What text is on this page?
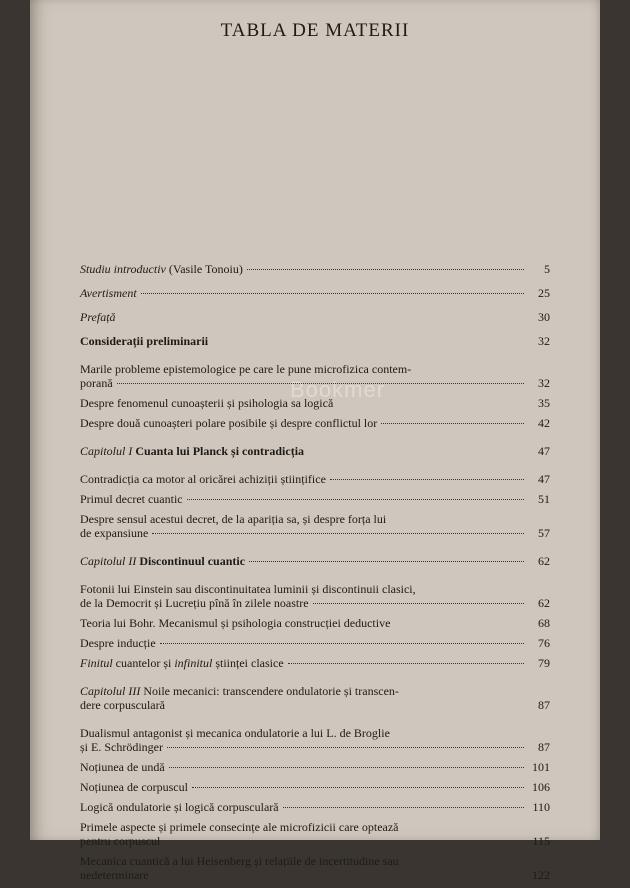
TABLA DE MATERII
Bookmer
Studiu introductiv (Vasile Tonoiu)	5
Avertisment	25
Prefață	30
Considerații preliminarii	32
Marile probleme epistemologice pe care le pune microfizica contem-
porană	32
Despre fenomenul cunoașterii și psihologia sa logică	35
Despre două cunoașteri polare posibile și despre conflictul lor	42
Capitolul I Cuanta lui Planck și contradicția	47
Contradicția ca motor al oricărei achiziții științifice	47
Primul decret cuantic	51
Despre sensul acestui decret, de la apariția sa, și despre forța lui
de expansiune	57
Capitolul II Discontinuul cuantic	62
Fotonii lui Einstein sau discontinuitatea luminii și discontinuii clasici,
de la Democrit și Lucrețiu pînă în zilele noastre	62
Teoria lui Bohr. Mecanismul și psihologia construcției deductive	68
Despre inducție	76
Finitul cuantelor și infinitul științei clasice	79
Capitolul III Noile mecanici: transcendere ondulatorie și transcen-
dere corpusculară	87
Dualismul antagonist și mecanica ondulatorie a lui L. de Broglie
și E. Schrödinger	87
Noțiunea de undă	101
Noțiunea de corpuscul	106
Logică ondulatorie și logică corpusculară	110
Primele aspecte și primele consecințe ale microfizicii care optează
pentru corpuscul	115
Mecanica cuantică a lui Heisenberg și relațiile de incertitudine sau
nedeterminare	122
